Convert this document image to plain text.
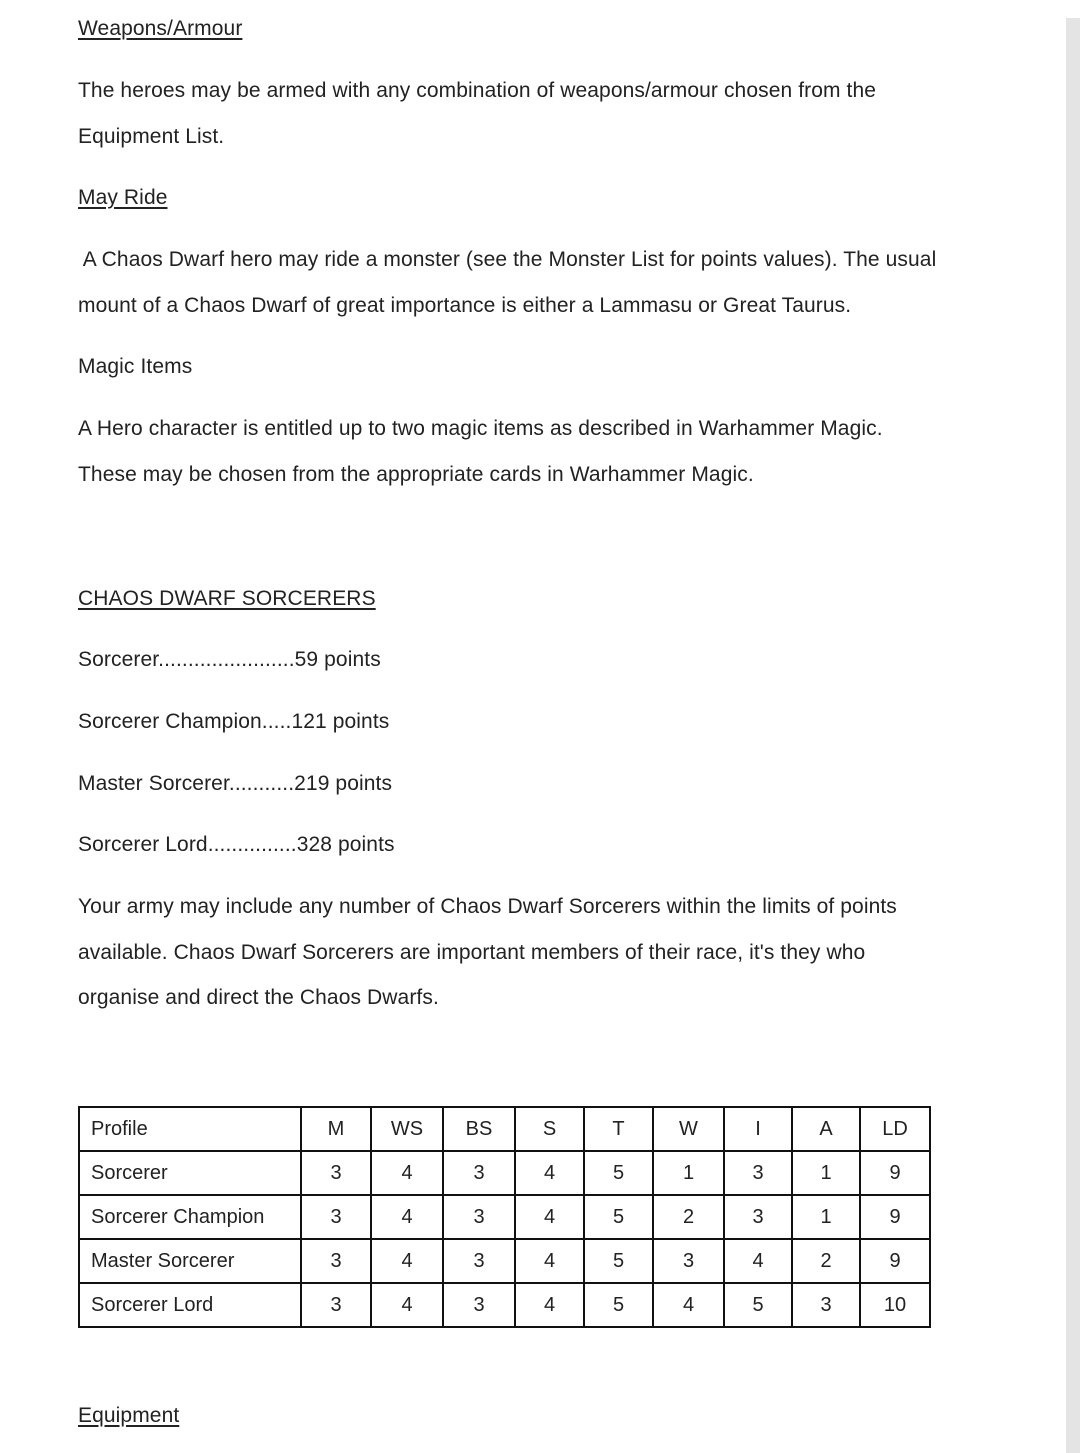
Weapons/Armour
The heroes may be armed with any combination of weapons/armour chosen from the
Equipment List.
May Ride
A Chaos Dwarf hero may ride a monster (see the Monster List for points values). The usual
mount of a Chaos Dwarf of great importance is either a Lammasu or Great Taurus.
Magic Items
A Hero character is entitled up to two magic items as described in Warhammer Magic.
These may be chosen from the appropriate cards in Warhammer Magic.
CHAOS DWARF SORCERERS
Sorcerer.......................59 points
Sorcerer Champion.....121 points
Master Sorcerer...........219 points
Sorcerer Lord...............328 points
Your army may include any number of Chaos Dwarf Sorcerers within the limits of points
available. Chaos Dwarf Sorcerers are important members of their race, it's they who
organise and direct the Chaos Dwarfs.
Profile	M	WS	BS	S	T	W	I	A	LD
Sorcerer	3	4	3	4	5	1	3	1	9
Sorcerer Champion	3	4	3	4	5	2	3	1	9
Master Sorcerer	3	4	3	4	5	3	4	2	9
Sorcerer Lord	3	4	3	4	5	4	5	3	10
Equipment
